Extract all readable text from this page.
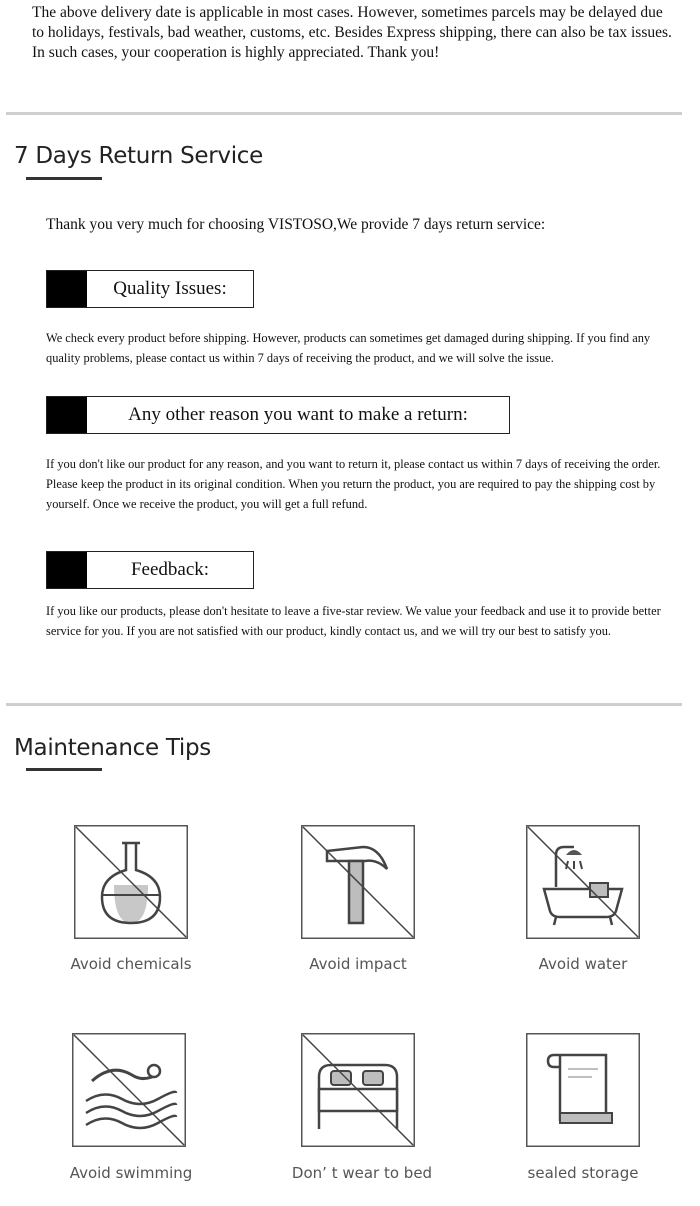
The above delivery date is applicable in most cases. However, sometimes parcels may be delayed due to holidays, festivals, bad weather, customs, etc. Besides Express shipping, there can also be tax issues. In such cases, your cooperation is highly appreciated. Thank you!
7 Days Return Service
Thank you very much for choosing VISTOSO,We provide 7 days return service:
Quality Issues:
We check every product before shipping. However, products can sometimes get damaged during shipping. If you find any quality problems, please contact us within 7 days of receiving the product, and we will solve the issue.
Any other reason you want to make a return:
If you don't like our product for any reason, and you want to return it, please contact us within 7 days of receiving the order. Please keep the product in its original condition. When you return the product, you are required to pay the shipping cost by yourself. Once we receive the product, you will get a full refund.
Feedback:
If you like our products, please don't hesitate to leave a five-star review. We value your feedback and use it to provide better service for you. If you are not satisfied with our product, kindly contact us, and we will try our best to satisfy you.
Maintenance Tips
Avoid chemicals	Avoid impact	Avoid water
Avoid swimming	Don’ t wear to bed	sealed storage
